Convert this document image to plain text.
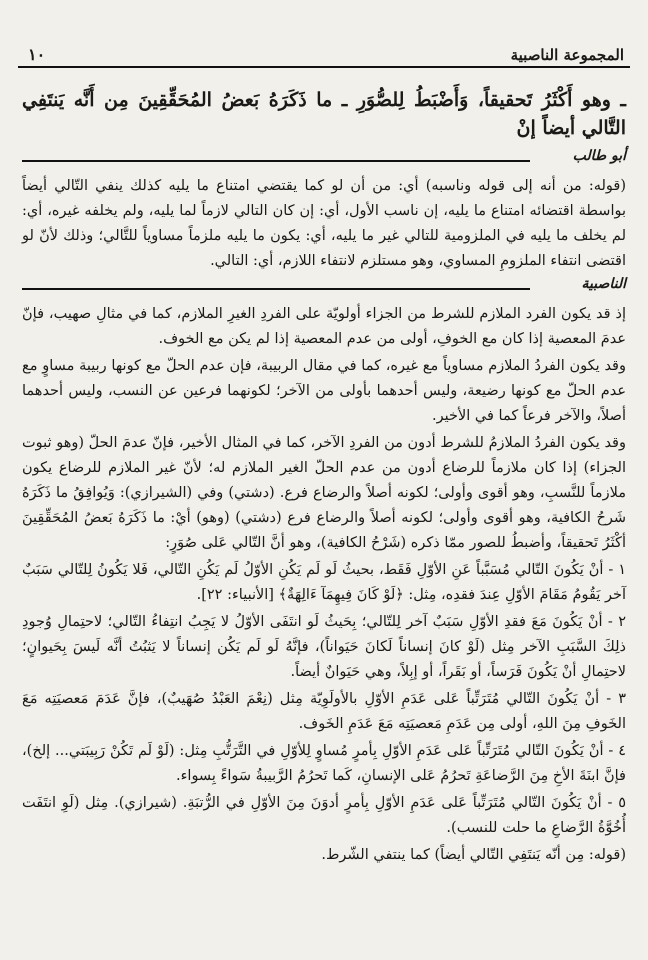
١٠	المجموعة الناصبية
ـ وهو أَكْثَرُ تَحقيقاً، وَأَضْبَطُ لِلصُّوَرِ ـ ما ذَكَرَهُ بَعضُ المُحَقِّقِينَ مِن أَنَّه يَنتَفِي التَّالي أيضاً إنْ
أبو طالب

(قوله: من أنه إلى قوله وناسبه) أي: من أن لو كما يقتضي امتناع ما يليه كذلك ينفي التّالي أيضاً بواسطة اقتضائه امتناع ما يليه، إن ناسب الأول، أي: إن كان التالي لازماً لما يليه، ولم يخلفه غيره، أي: لم يخلف ما يليه في الملزومية للتالي غير ما يليه، أي: يكون ما يليه ملزماً مساوياً للتَّالي؛ وذلك لأنّ لو اقتضى انتفاء الملزومِ المساوي، وهو مستلزم لانتفاء اللازم، أي: التالي.

الناصبية

إذ قد يكون الفرد الملازم للشرط من الجزاء أولويّة على الفردِ الغيرِ الملازم، كما في مثالِ صهيب، فإنّ عدمَ المعصية إذا كان مع الخوفِ، أولى من عدم المعصية إذا لم يكن مع الخوف.

وقد يكون الفردُ الملازم مساوياً مع غيره، كما في مقال الربيبة، فإن عدم الحلّ مع كونها ربيبة مساوٍ مع عدم الحلّ مع كونها رضيعة، وليس أحدهما بأولى من الآخر؛ لكونهما فرعين عن النسب، وليس أحدهما أصلاً، والآخر فرعاً كما في الأخير.

وقد يكون الفردُ الملازمُ للشرط أدون من الفردِ الآخر، كما في المثال الأخير، فإنّ عدمَ الحلّ (وهو ثبوت الجزاء) إذا كان ملازماً للرضاع أدون من عدم الحلّ الغير الملازم له؛ لأنّ غير الملازم للرضاع يكون ملازماً للنَّسبِ، وهو أقوى وأولى؛ لكونه أصلاً والرضاع فرع. (دشتي) وفي (الشيرازي): وَيُوافِقُ ما ذَكَرَهُ شَرحُ الكافية، وهو أقوى وأولى؛ لكونه أصلاً والرضاع فرع (دشتي) (وهو) أيْ: ما ذَكَرَهُ بَعضُ المُحَقِّقِينَ أكْثَرُ تَحقيقاً، وأضبطُ للصور ممّا ذكره (شَرْحُ الكافية)، وهو أنَّ التّالي عَلى صُوَرٍ:

١ - أنْ يَكُونَ التّالي مُسَبَّباً عَنِ الأوّلِ فَقَط، بحيثُ لَو لَم يَكُنِ الأوّلُ لَم يَكُنِ التّالي، فَلا يَكُونُ لِلتّالي سَبَبٌ آخر يَقُومُ مَقَامَ الأوّلِ عِندَ فقدِه، مِثل: ﴿لَوْ كَانَ فِيهِمَآ ءَالِهَةٌ﴾ [الأنبياء: ٢٢].

٢ - أنْ يَكُونَ مَعَ فقدِ الأوّلِ سَبَبٌ آخر لِلتّالي؛ بِحَيثُ لَو انتَفَى الأوّلُ لا يَجِبُ انتِفاءُ التّالي؛ لاحتِمالِ وُجودِ ذلِكَ السَّبَبِ الآخر مِثل (لَوْ كانَ إنساناً لَكانَ حَيَواناً)، فإنَّهُ لَو لَم يَكُن إنساناً لا يَثبُتُ أنَّه لَيسَ بِحَيوانٍ؛ لاحتِمالِ أنْ يَكُونَ فَرَساً، أو بَقَراً، أو إبِلاً، وهي حَيَوانٌ أيضاً.

٣ - أنْ يَكُونَ التّالي مُتَرَتِّباً عَلى عَدَمِ الأوّلِ بالأولَوِيّة مِثل (نِعْمَ العَبْدُ صُهَيبٌ)، فإنَّ عَدَمَ مَعصيَتِه مَعَ الخَوفِ مِنَ اللهِ، أولى مِن عَدَمِ مَعصيَتِه مَعَ عَدَمِ الخَوف.

٤ - أنْ يَكُونَ التّالي مُتَرَتِّباً عَلى عَدَمِ الأوّلِ بِأمرٍ مُساوٍ لِلأوّلِ في التَّرَتُّبِ مِثل: (لَوْ لَم تَكُنْ رَبِيبَتي... إلخ)، فإنَّ ابنَةَ الأخِ مِنَ الرَّضاعَةِ تَحرُمُ عَلى الإنسانِ، كَما تَحرُمُ الرَّبيبةُ سَواءً بِسواء.

٥ - أنْ يَكُونَ التّالي مُتَرَتِّباً عَلى عَدَمِ الأوّلِ بِأمرٍ أدوَنَ مِنَ الأوّلِ في الرُّتبَةِ. (شيرازي). مِثل (لَوِ انتَفَت أُخُوَّةُ الرَّضاعِ ما حلت للنسب).

(قوله: مِن أنّه يَنتَفِي التّالي أيضاً) كما ينتفي الشّرط.
